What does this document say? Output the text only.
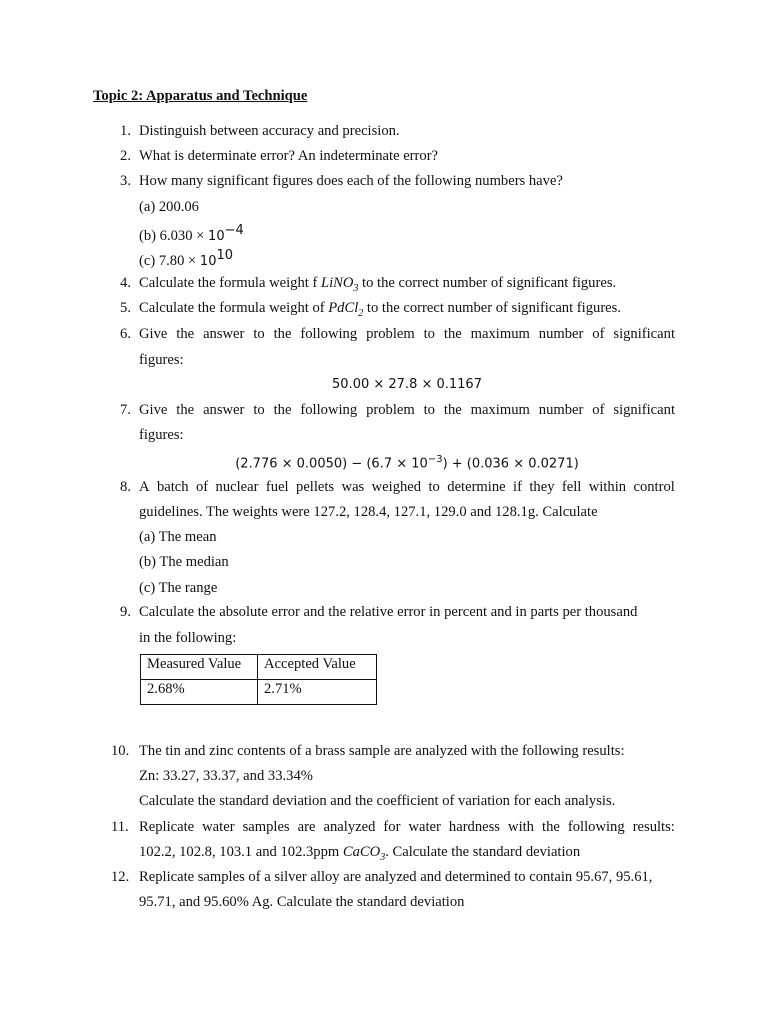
Topic 2: Apparatus and Technique
1. Distinguish between accuracy and precision.
2. What is determinate error? An indeterminate error?
3. How many significant figures does each of the following numbers have?
(a) 200.06
(b) $6.030 \times 10^{-4}$
(c) $7.80 \times 10^{10}$
4. Calculate the formula weight f LiNO$_3$ to the correct number of significant figures.
5. Calculate the formula weight of PdCl$_2$ to the correct number of significant figures.
6. Give the answer to the following problem to the maximum number of significant
figures:
50.00 × 27.8 × 0.1167
7. Give the answer to the following problem to the maximum number of significant
figures:
$(2.776 \times 0.0050) - (6.7 \times 10^{-3}) + (0.036 \times 0.0271)$
8. A batch of nuclear fuel pellets was weighed to determine if they fell within control
guidelines. The weights were 127.2, 128.4, 127.1, 129.0 and 128.1g. Calculate
(a) The mean
(b) The median
(c) The range
9. Calculate the absolute error and the relative error in percent and in parts per thousand
in the following:
Measured Value	Accepted Value
2.68%	2.71%
10. The tin and zinc contents of a brass sample are analyzed with the following results:
Zn: 33.27, 33.37, and 33.34%
Calculate the standard deviation and the coefficient of variation for each analysis.
11. Replicate water samples are analyzed for water hardness with the following results:
102.2, 102.8, 103.1 and 102.3ppm CaCO$_3$. Calculate the standard deviation
12. Replicate samples of a silver alloy are analyzed and determined to contain 95.67, 95.61,
95.71, and 95.60% Ag. Calculate the standard deviation
